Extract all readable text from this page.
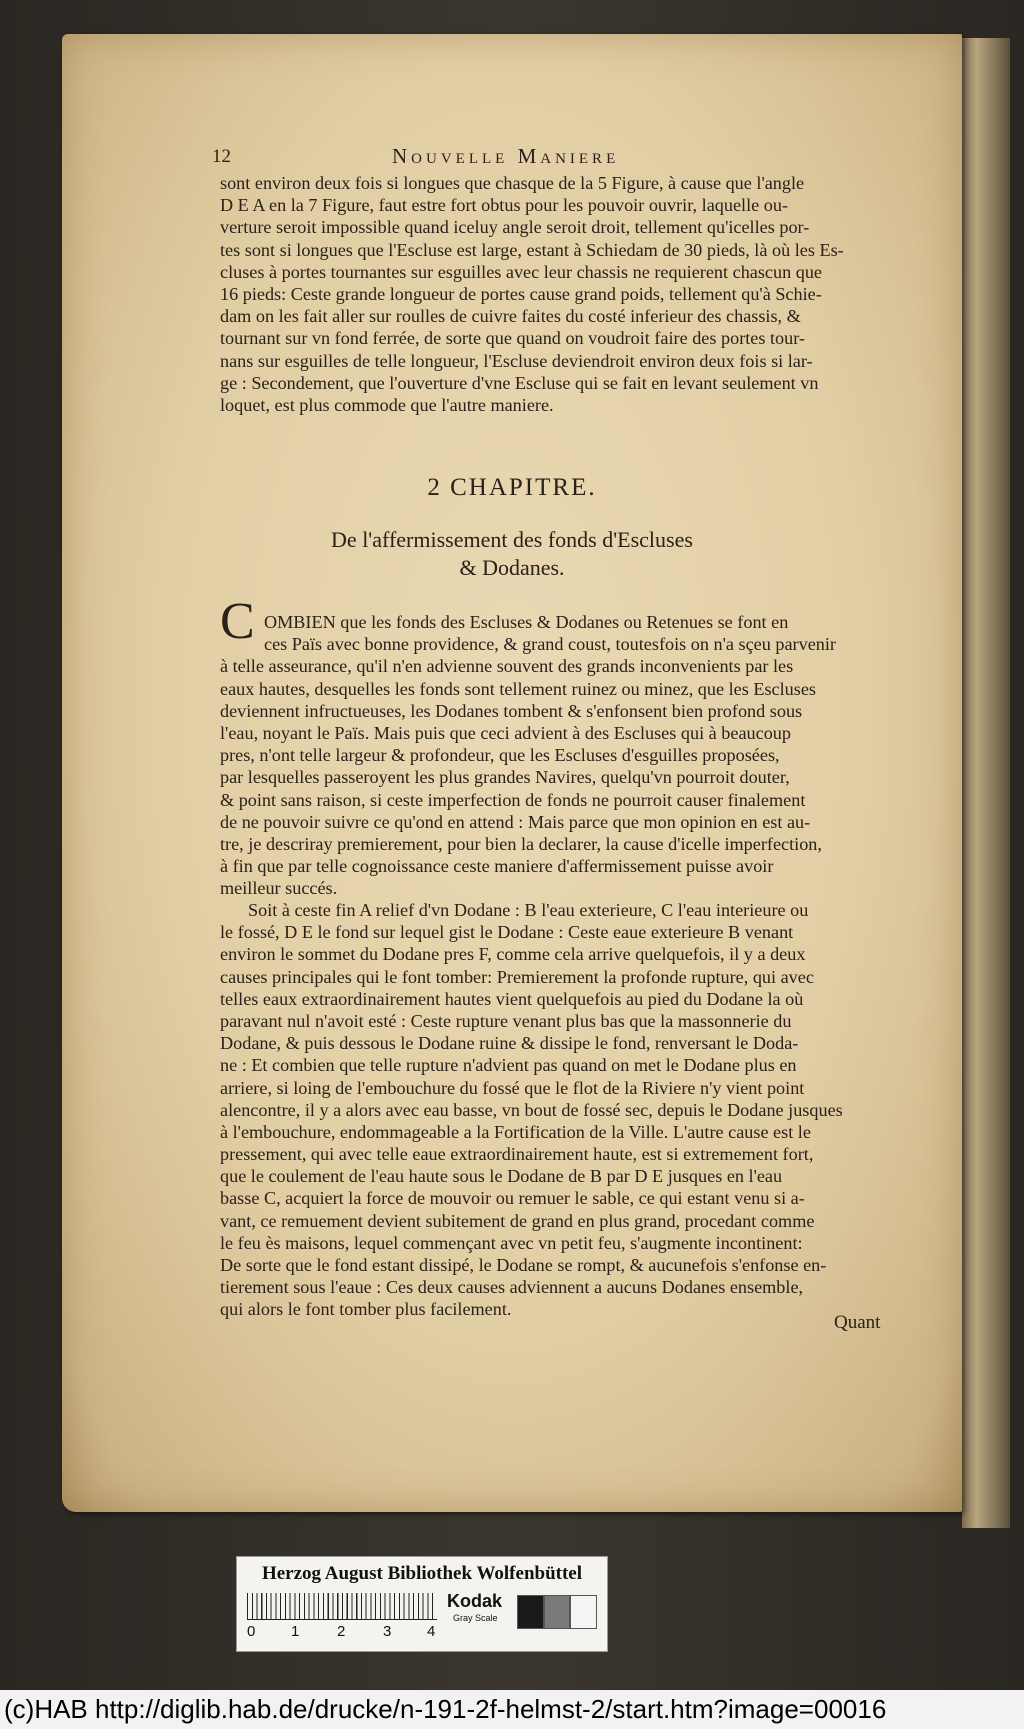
12	Nouvelle Maniere
sont environ deux fois si longues que chasque de la 5 Figure, à cause que l'angle
D E A en la 7 Figure, faut estre fort obtus pour les pouvoir ouvrir, laquelle ou-
verture seroit impossible quand iceluy angle seroit droit, tellement qu'icelles por-
tes sont si longues que l'Escluse est large, estant à Schiedam de 30 pieds, là où les Es-
cluses à portes tournantes sur esguilles avec leur chassis ne requierent chascun que
16 pieds: Ceste grande longueur de portes cause grand poids, tellement qu'à Schie-
dam on les fait aller sur roulles de cuivre faites du costé inferieur des chassis, &
tournant sur vn fond ferrée, de sorte que quand on voudroit faire des portes tour-
nans sur esguilles de telle longueur, l'Escluse deviendroit environ deux fois si lar-
ge : Secondement, que l'ouverture d'vne Escluse qui se fait en levant seulement vn
loquet, est plus commode que l'autre maniere.
2 CHAPITRE.
De l'affermissement des fonds d'Escluses
& Dodanes.
C OMBIEN que les fonds des Escluses & Dodanes ou Retenues se font en
ces Païs avec bonne providence, & grand coust, toutesfois on n'a sçeu parvenir
à telle asseurance, qu'il n'en advienne souvent des grands inconvenients par les
eaux hautes, desquelles les fonds sont tellement ruinez ou minez, que les Escluses
deviennent infructueuses, les Dodanes tombent & s'enfonsent bien profond sous
l'eau, noyant le Païs. Mais puis que ceci advient à des Escluses qui à beaucoup
pres, n'ont telle largeur & profondeur, que les Escluses d'esguilles proposées,
par lesquelles passeroyent les plus grandes Navires, quelqu'vn pourroit douter,
& point sans raison, si ceste imperfection de fonds ne pourroit causer finalement
de ne pouvoir suivre ce qu'ond en attend : Mais parce que mon opinion en est au-
tre, je descriray premierement, pour bien la declarer, la cause d'icelle imperfection,
à fin que par telle cognoissance ceste maniere d'affermissement puisse avoir
meilleur succés.
Soit à ceste fin A relief d'vn Dodane : B l'eau exterieure, C l'eau interieure ou
le fossé, D E le fond sur lequel gist le Dodane : Ceste eaue exterieure B venant
environ le sommet du Dodane pres F, comme cela arrive quelquefois, il y a deux
causes principales qui le font tomber: Premierement la profonde rupture, qui avec
telles eaux extraordinairement hautes vient quelquefois au pied du Dodane la où
paravant nul n'avoit esté : Ceste rupture venant plus bas que la massonnerie du
Dodane, & puis dessous le Dodane ruine & dissipe le fond, renversant le Doda-
ne : Et combien que telle rupture n'advient pas quand on met le Dodane plus en
arriere, si loing de l'embouchure du fossé que le flot de la Riviere n'y vient point
alencontre, il y a alors avec eau basse, vn bout de fossé sec, depuis le Dodane jusques
à l'embouchure, endommageable a la Fortification de la Ville. L'autre cause est le
pressement, qui avec telle eaue extraordinairement haute, est si extremement fort,
que le coulement de l'eau haute sous le Dodane de B par D E jusques en l'eau
basse C, acquiert la force de mouvoir ou remuer le sable, ce qui estant venu si a-
vant, ce remuement devient subitement de grand en plus grand, procedant comme
le feu ès maisons, lequel commençant avec vn petit feu, s'augmente incontinent:
De sorte que le fond estant dissipé, le Dodane se rompt, & aucunefois s'enfonse en-
tierement sous l'eaue : Ces deux causes adviennent a aucuns Dodanes ensemble,
qui alors le font tomber plus facilement.
Quant
Herzog August Bibliothek Wolfenbüttel
0 1	2	3 4
Kodak
Gray Scale
(c)HAB http://diglib.hab.de/drucke/n-191-2f-helmst-2/start.htm?image=00016
